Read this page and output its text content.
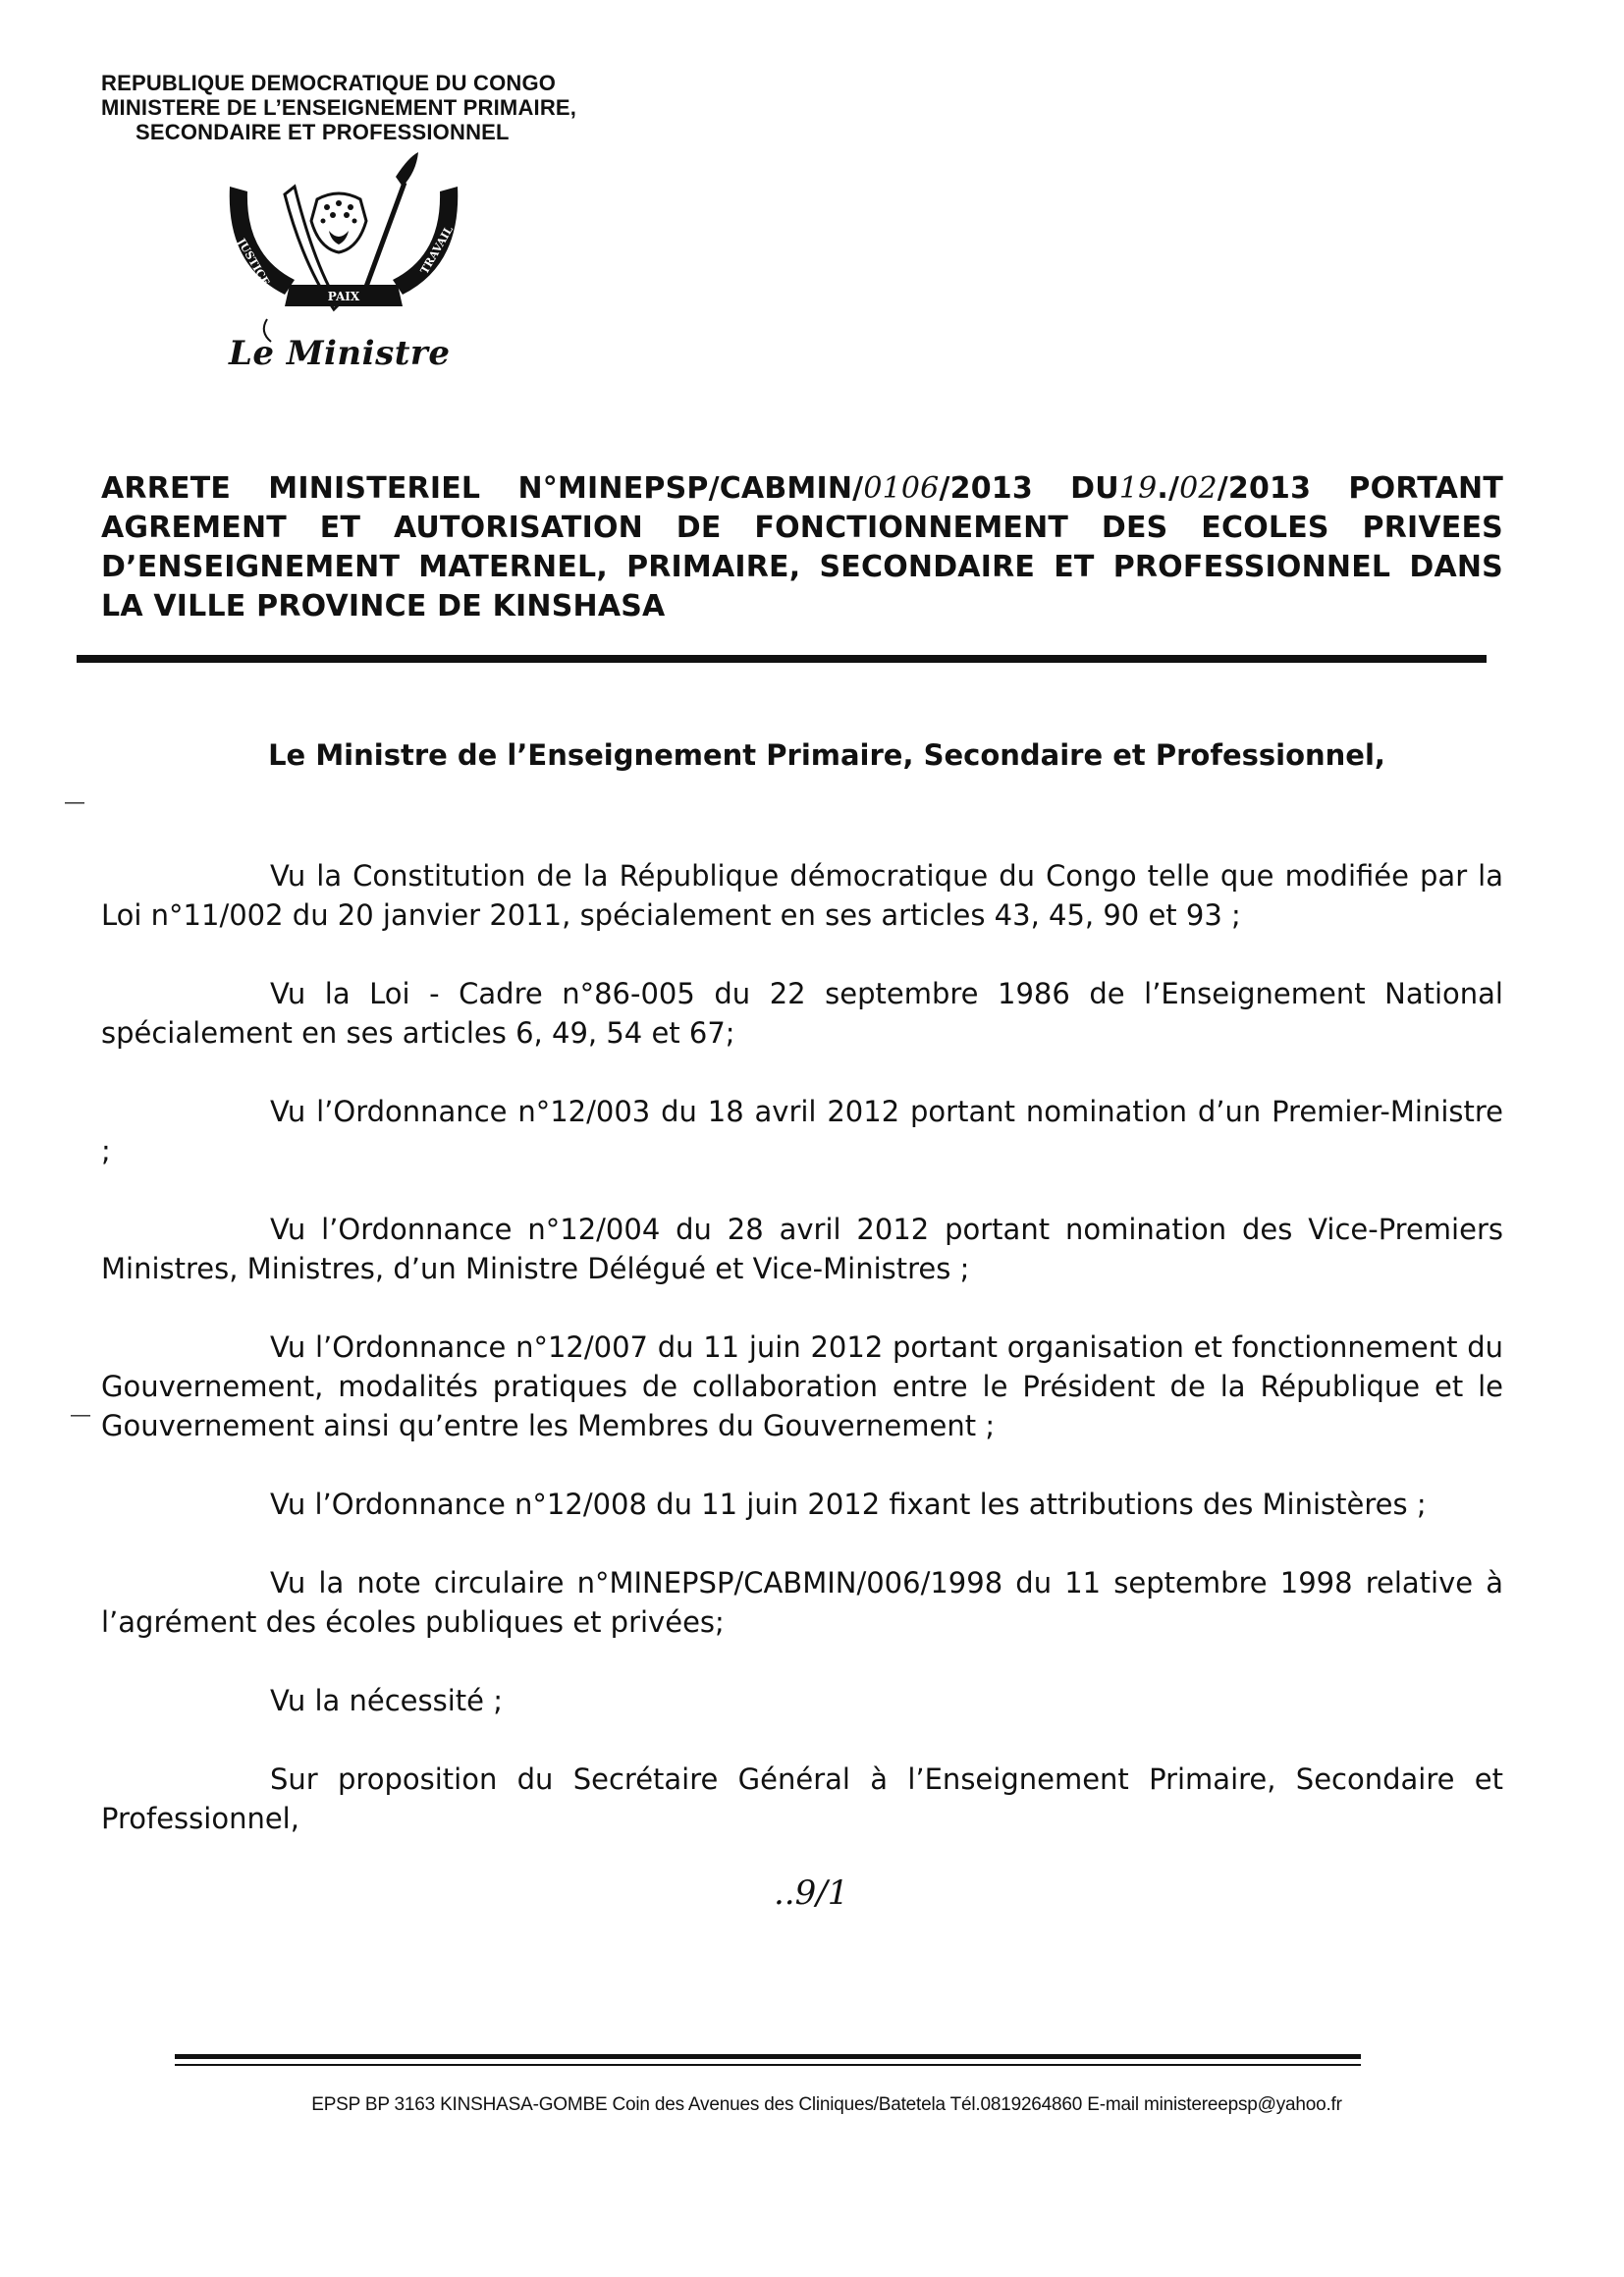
REPUBLIQUE DEMOCRATIQUE DU CONGO
MINISTERE DE L’ENSEIGNEMENT PRIMAIRE,
SECONDAIRE ET PROFESSIONNEL
JUSTICE	TRAVAIL
PAIX
Le Ministre
ARRETE MINISTERIEL N°MINEPSP/CABMIN/0106/2013 DU19./02/2013 PORTANT AGREMENT ET AUTORISATION DE FONCTIONNEMENT DES ECOLES PRIVEES D’ENSEIGNEMENT MATERNEL, PRIMAIRE, SECONDAIRE ET PROFESSIONNEL DANS LA VILLE PROVINCE DE KINSHASA
Le Ministre de l’Enseignement Primaire, Secondaire et Professionnel,
—
—

Vu la Constitution de la République démocratique du Congo telle que modifiée par la Loi n°11/002 du 20 janvier 2011, spécialement en ses articles 43, 45, 90 et 93 ;

Vu la Loi - Cadre n°86-005 du 22 septembre 1986 de l’Enseignement National spécialement en ses articles 6, 49, 54 et 67;

Vu l’Ordonnance n°12/003 du 18 avril 2012 portant nomination d’un Premier-Ministre ;

Vu l’Ordonnance n°12/004 du 28 avril 2012 portant nomination des Vice-Premiers Ministres, Ministres, d’un Ministre Délégué et Vice-Ministres ;

Vu l’Ordonnance n°12/007 du 11 juin 2012 portant organisation et fonctionnement du Gouvernement, modalités pratiques de collaboration entre le Président de la République et le Gouvernement ainsi qu’entre les Membres du Gouvernement ;

Vu l’Ordonnance n°12/008 du 11 juin 2012 fixant les attributions des Ministères ;

Vu la note circulaire n°MINEPSP/CABMIN/006/1998 du 11 septembre 1998 relative à l’agrément des écoles publiques et privées;

Vu la nécessité ;

Sur proposition du Secrétaire Général à l’Enseignement Primaire, Secondaire et Professionnel,

..9/1
EPSP BP 3163 KINSHASA-GOMBE Coin des Avenues des Cliniques/Batetela Tél.0819264860 E-mail ministereepsp@yahoo.fr
